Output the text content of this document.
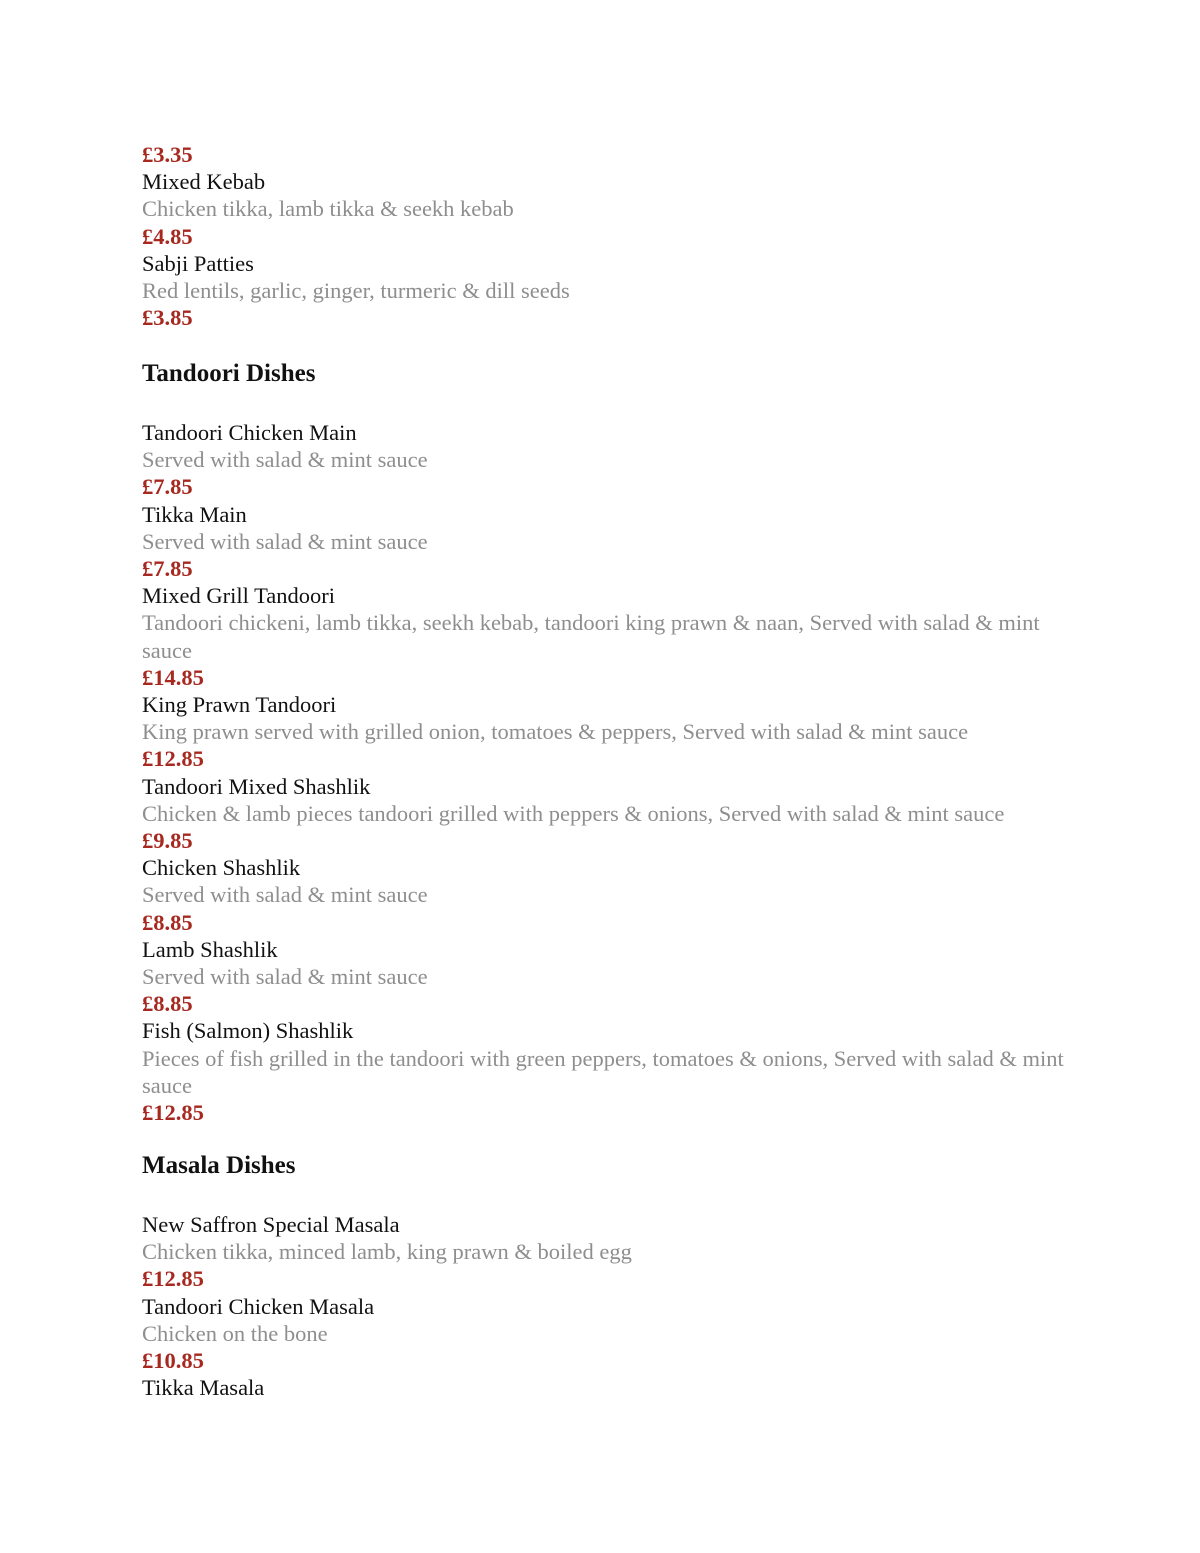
£3.35
Mixed Kebab
Chicken tikka, lamb tikka & seekh kebab
£4.85
Sabji Patties
Red lentils, garlic, ginger, turmeric & dill seeds
£3.85
Tandoori Dishes
Tandoori Chicken Main
Served with salad & mint sauce
£7.85
Tikka Main
Served with salad & mint sauce
£7.85
Mixed Grill Tandoori
Tandoori chickeni, lamb tikka, seekh kebab, tandoori king prawn & naan, Served with salad & mint sauce
£14.85
King Prawn Tandoori
King prawn served with grilled onion, tomatoes & peppers, Served with salad & mint sauce
£12.85
Tandoori Mixed Shashlik
Chicken & lamb pieces tandoori grilled with peppers & onions, Served with salad & mint sauce
£9.85
Chicken Shashlik
Served with salad & mint sauce
£8.85
Lamb Shashlik
Served with salad & mint sauce
£8.85
Fish (Salmon) Shashlik
Pieces of fish grilled in the tandoori with green peppers, tomatoes & onions, Served with salad & mint sauce
£12.85
Masala Dishes
New Saffron Special Masala
Chicken tikka, minced lamb, king prawn & boiled egg
£12.85
Tandoori Chicken Masala
Chicken on the bone
£10.85
Tikka Masala
